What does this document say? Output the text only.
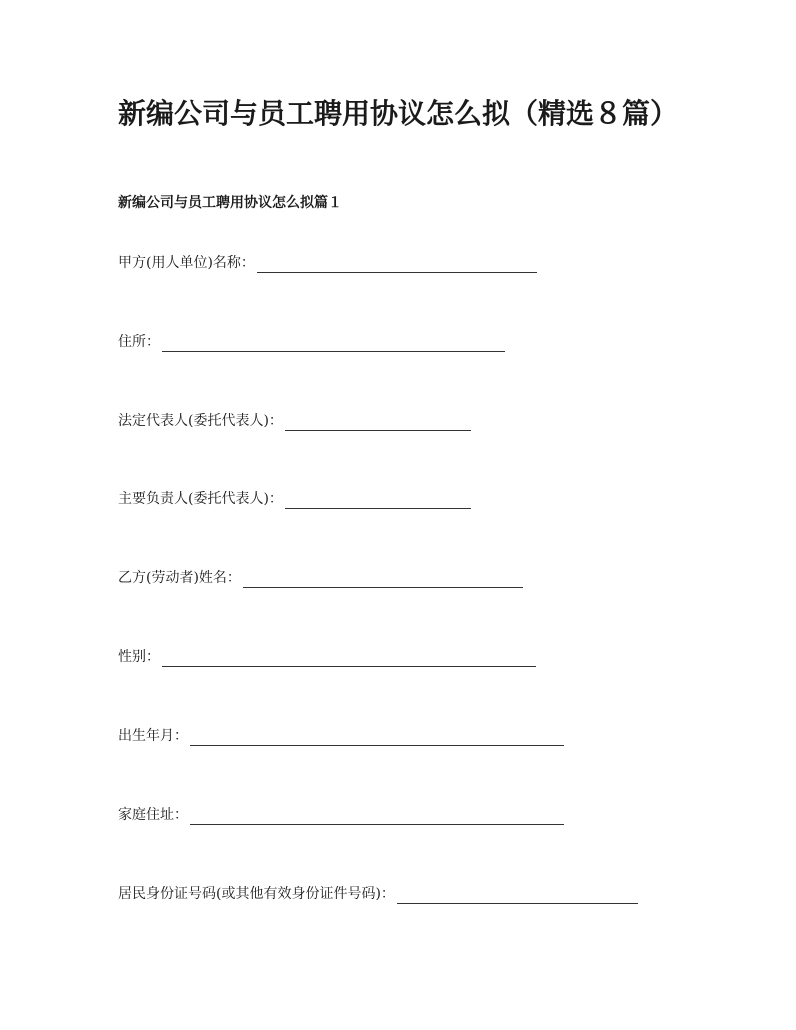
新编公司与员工聘用协议怎么拟（精选８篇）
新编公司与员工聘用协议怎么拟篇１
甲方(用人单位)名称：
住所：
法定代表人(委托代表人)：
主要负责人(委托代表人)：
乙方(劳动者)姓名：
性别：
出生年月：
家庭住址：
居民身份证号码(或其他有效身份证件号码)：
